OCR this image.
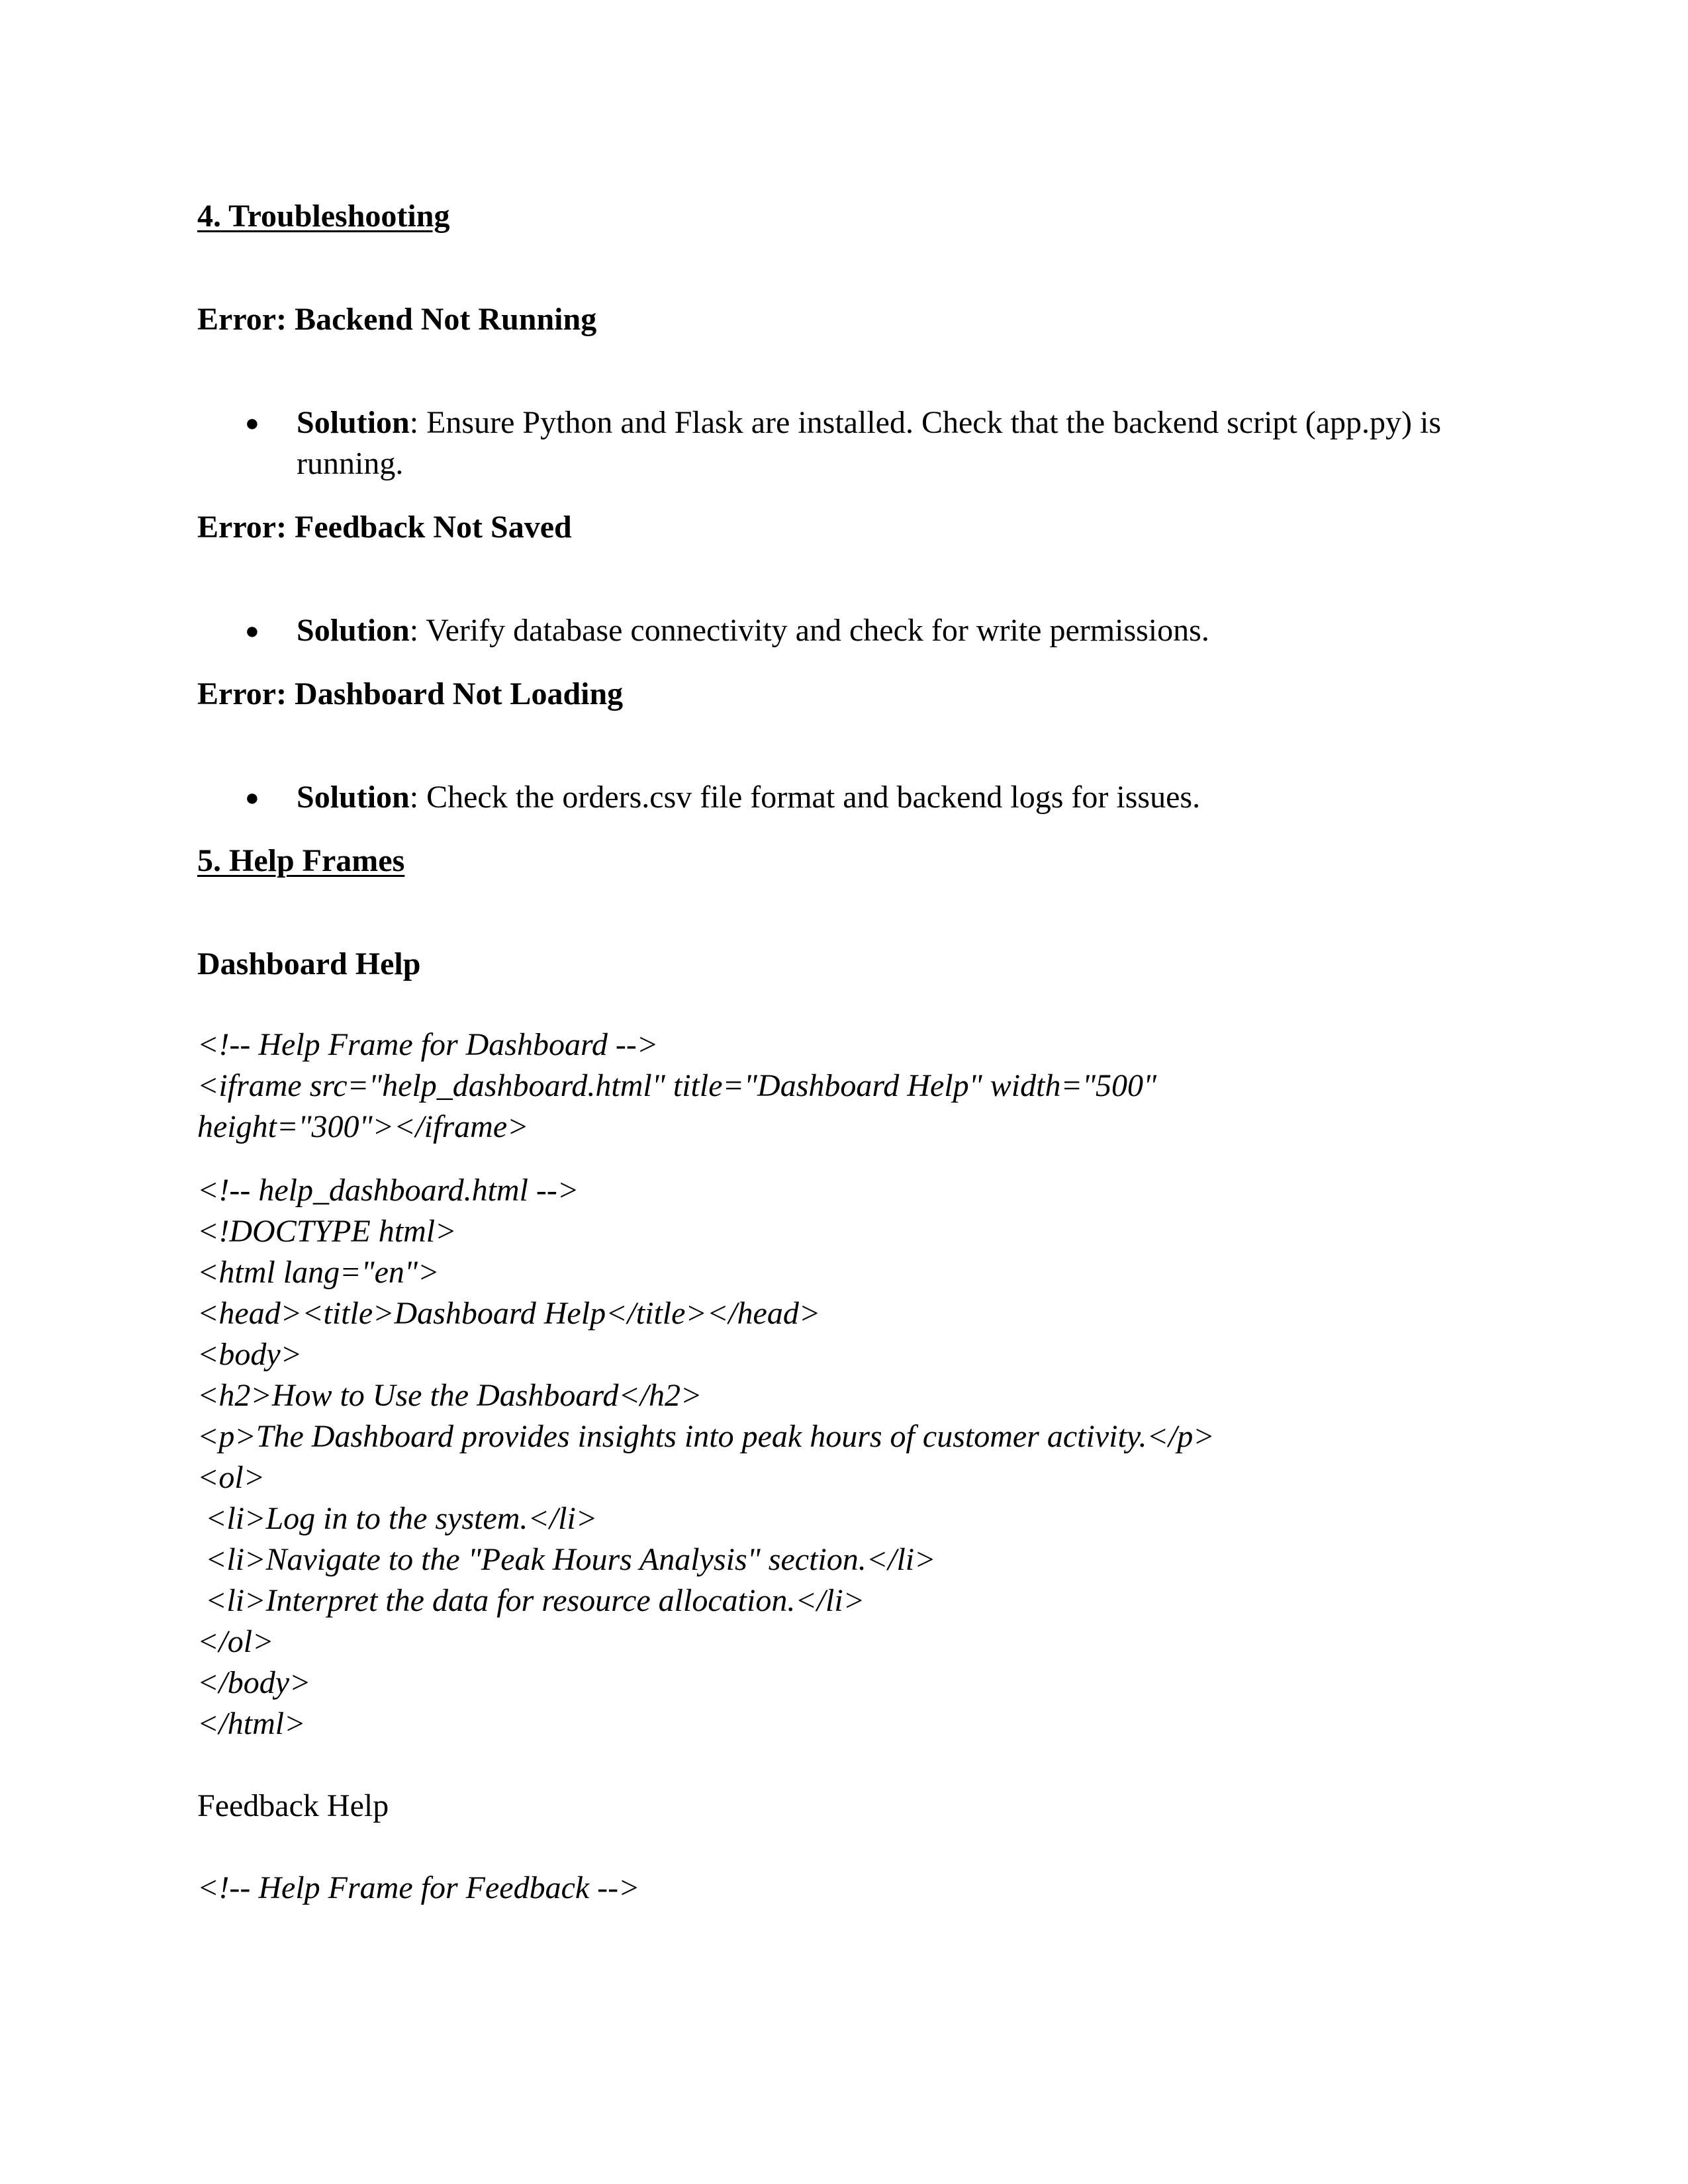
4. Troubleshooting
Error: Backend Not Running
● Solution: Ensure Python and Flask are installed. Check that the backend script (app.py) is running.
Error: Feedback Not Saved
● Solution: Verify database connectivity and check for write permissions.
Error: Dashboard Not Loading
● Solution: Check the orders.csv file format and backend logs for issues.
5. Help Frames
Dashboard Help
<!-- Help Frame for Dashboard -->
<iframe src="help_dashboard.html" title="Dashboard Help" width="500"
height="300"></iframe>
<!-- help_dashboard.html -->
<!DOCTYPE html>
<html lang="en">
<head><title>Dashboard Help</title></head>
<body>
<h2>How to Use the Dashboard</h2>
<p>The Dashboard provides insights into peak hours of customer activity.</p>
<ol>
<li>Log in to the system.</li>
<li>Navigate to the "Peak Hours Analysis" section.</li>
<li>Interpret the data for resource allocation.</li>
</ol>
</body>
</html>
Feedback Help
<!-- Help Frame for Feedback -->
